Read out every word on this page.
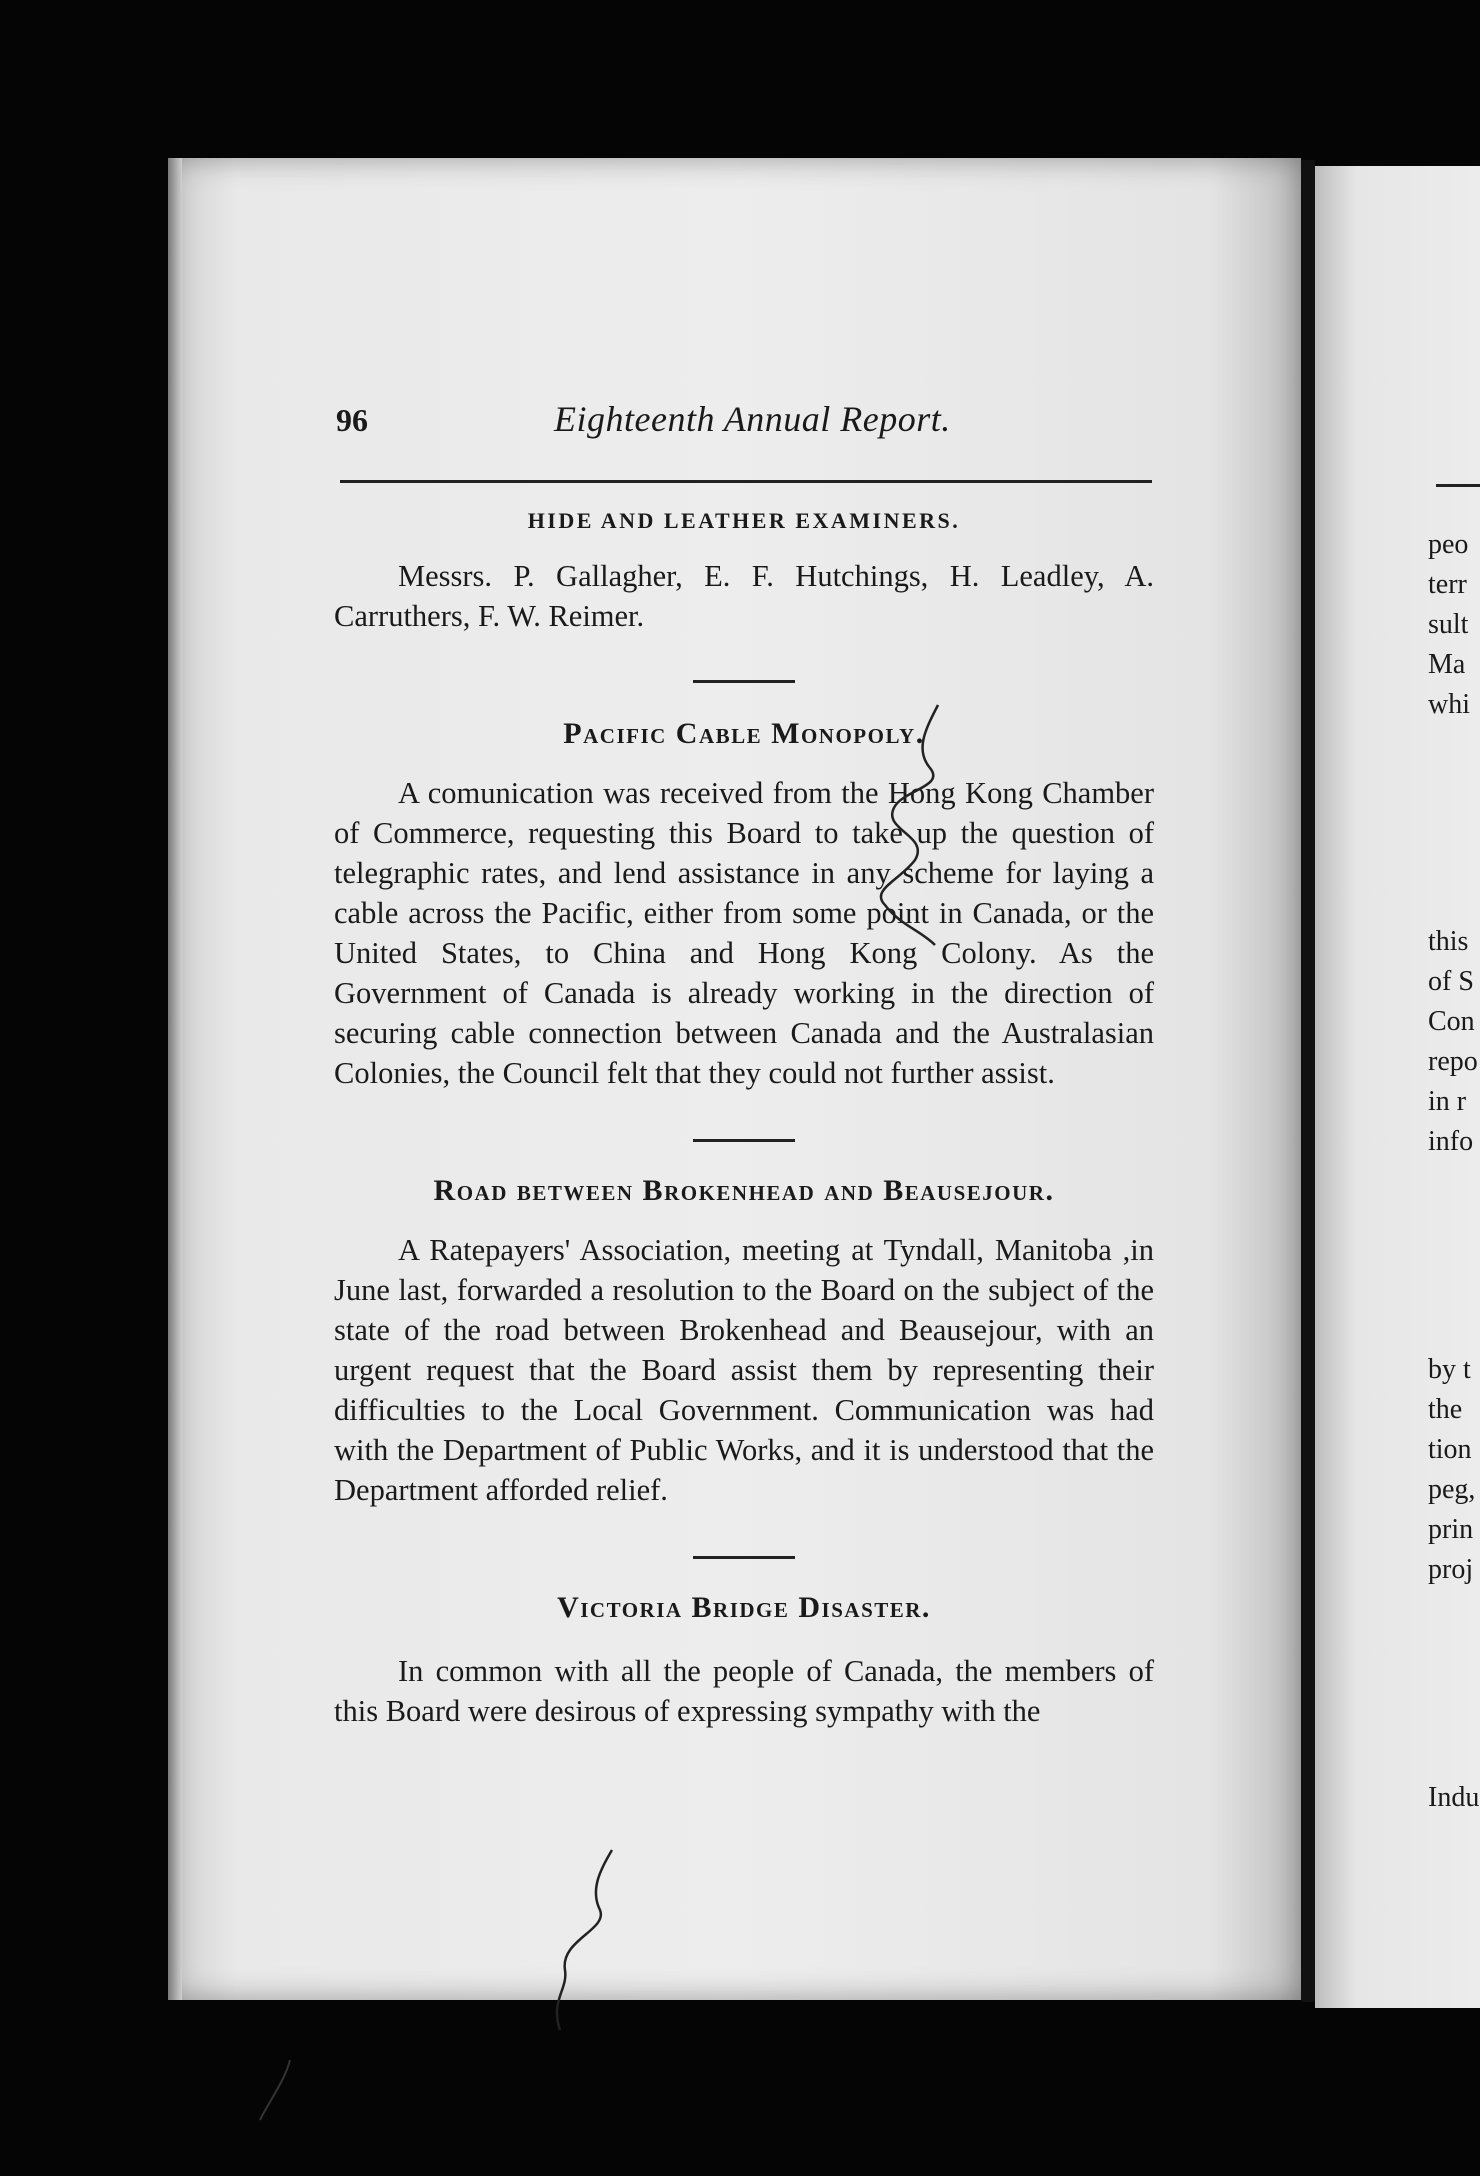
96	Eighteenth Annual Report.
HIDE AND LEATHER EXAMINERS.

Messrs. P. Gallagher, E. F. Hutchings, H. Leadley, A. Carruthers, F. W. Reimer.

Pacific Cable Monopoly.

A comunication was received from the Hong Kong Chamber of Commerce, requesting this Board to take up the question of telegraphic rates, and lend assistance in any scheme for laying a cable across the Pacific, either from some point in Canada, or the United States, to China and Hong Kong Colony. As the Government of Canada is already working in the direction of securing cable connection between Canada and the Australasian Colonies, the Council felt that they could not further assist.

Road between Brokenhead and Beausejour.

A Ratepayers' Association, meeting at Tyndall, Manitoba ,in June last, forwarded a resolution to the Board on the subject of the state of the road between Brokenhead and Beausejour, with an urgent request that the Board assist them by representing their difficulties to the Local Government. Communication was had with the Department of Public Works, and it is understood that the Department afforded relief.

Victoria Bridge Disaster.

In common with all the people of Canada, the members of this Board were desirous of expressing sympathy with the

peo
terr
sult
Ma
whi
this
of S
Con
repo
in r
info
by t
the
tion
peg,
prin
proj
Indu
